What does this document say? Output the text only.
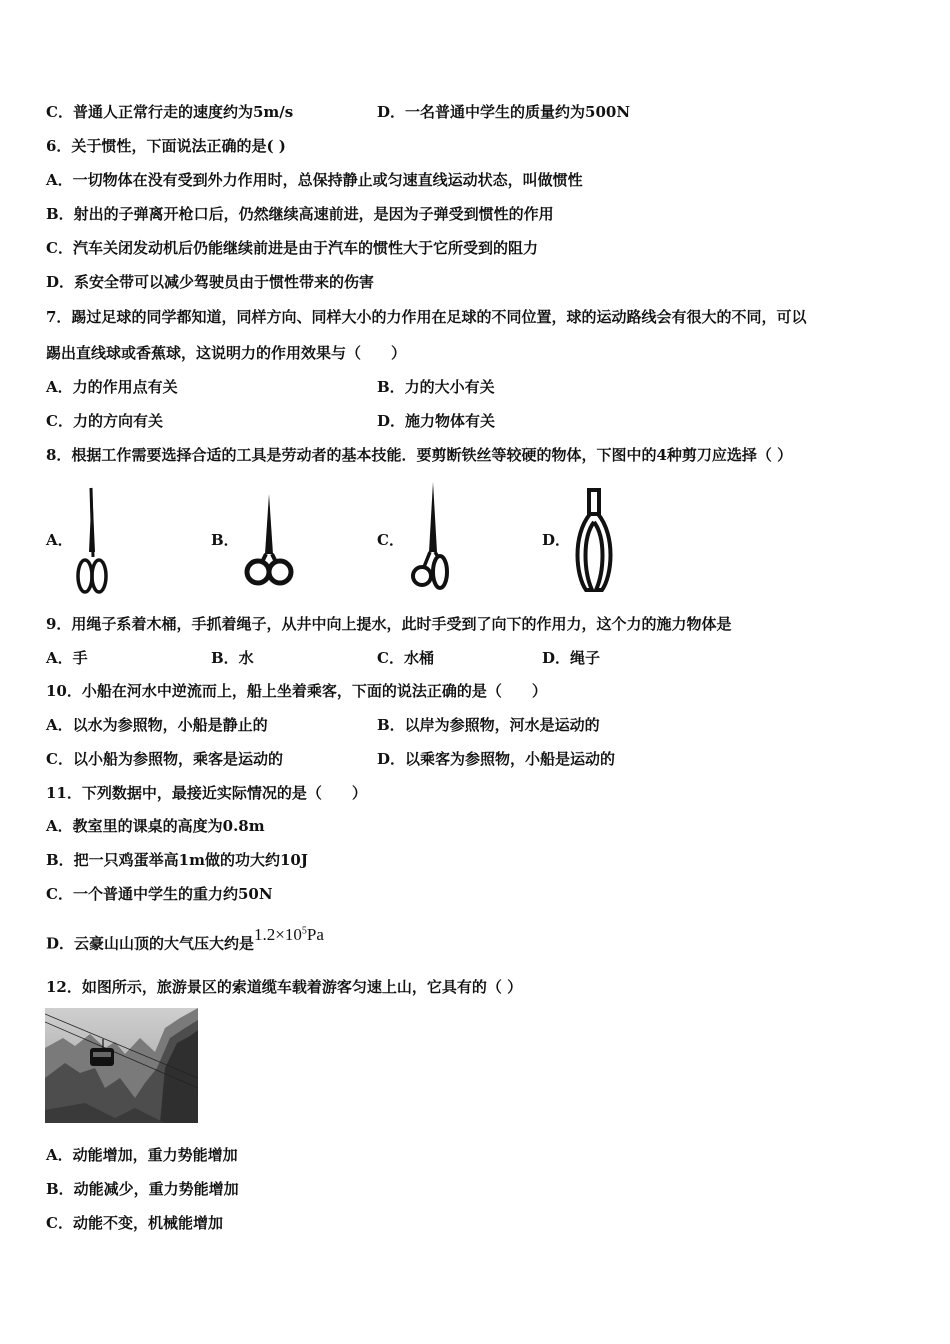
C．普通人正常行走的速度约为5m/s	D．一名普通中学生的质量约为500N
6．关于惯性，下面说法正确的是( )
A．一切物体在没有受到外力作用时，总保持静止或匀速直线运动状态，叫做惯性
B．射出的子弹离开枪口后，仍然继续高速前进，是因为子弹受到惯性的作用
C．汽车关闭发动机后仍能继续前进是由于汽车的惯性大于它所受到的阻力
D．系安全带可以减少驾驶员由于惯性带来的伤害
7．踢过足球的同学都知道，同样方向、同样大小的力作用在足球的不同位置，球的运动路线会有很大的不同，可以
踢出直线球或香蕉球，这说明力的作用效果与（　　）
A．力的作用点有关	B．力的大小有关
C．力的方向有关	D．施力物体有关
8．根据工作需要选择合适的工具是劳动者的基本技能．要剪断铁丝等较硬的物体，下图中的4种剪刀应选择（ ）
A．	B．	C．	D．
9．用绳子系着木桶，手抓着绳子，从井中向上提水，此时手受到了向下的作用力，这个力的施力物体是
A．手	B．水	C．水桶	D．绳子
10．小船在河水中逆流而上，船上坐着乘客，下面的说法正确的是（　　）
A．以水为参照物，小船是静止的	B．以岸为参照物，河水是运动的
C．以小船为参照物，乘客是运动的	D．以乘客为参照物，小船是运动的
11．下列数据中，最接近实际情况的是（　　）
A．教室里的课桌的高度为0.8m
B．把一只鸡蛋举高1m做的功大约10J
C．一个普通中学生的重力约50N
D．云豪山山顶的大气压大约是$1.2\times 10^5Pa$
12．如图所示，旅游景区的索道缆车载着游客匀速上山，它具有的（ ）
A．动能增加，重力势能增加
B．动能减少，重力势能增加
C．动能不变，机械能增加
